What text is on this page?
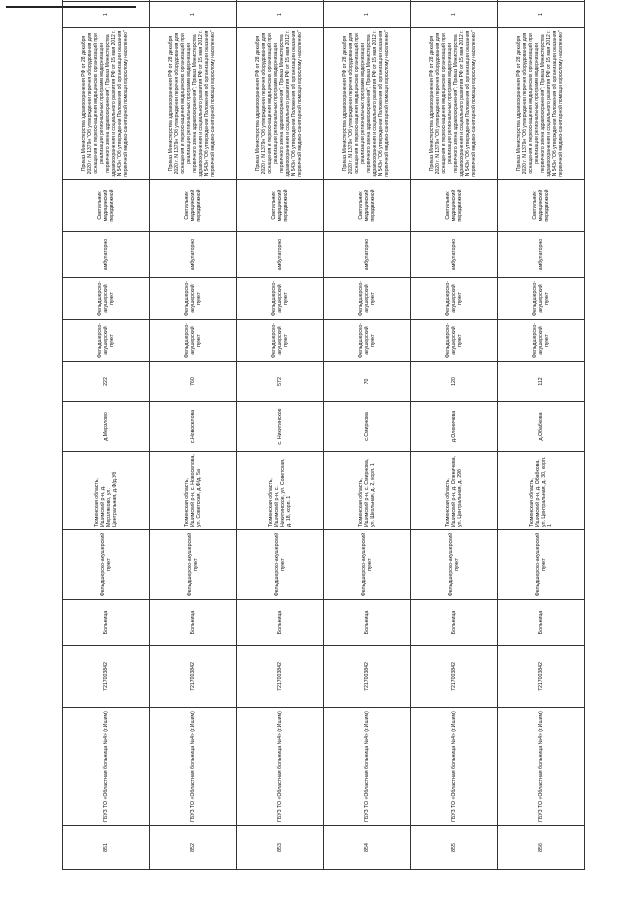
851	ГБУЗ ТО «Областная больница №4» (г.Ишим)	7217003842	Больница	Фельдшерско-акушерский пункт	Тюменская область, Ишимский р-н, д. Мерзляково, ул. Центральная, д.Ф/д.Уб	д.Мерзлово	222	Фельдшерско-акушерский пункт	Фельдшерско-акушерский пункт	амбулаторно	Светильник медицинский передвижной	Приказ Министерства здравоохранения РФ от 28 декабря 2020 г. N 1379н "Об утверждении перечня оборудования для оснащения и переоснащения медицинских организаций при реализации региональных программ модернизации первичного звена здравоохранения"; Приказ Министерства здравоохранения и социального развития РФ от 15 мая 2012 г. N 543н "Об утверждении Положения об организации оказания первичной медико-санитарной помощи взрослому населению"	1	
852	ГБУЗ ТО «Областная больница №4» (г.Ишим)	7217003842	Больница	Фельдшерско-акушерский пункт	Тюменская область, Ишимский р-н, с. Новоселова, ул. Советская, д.Ф/д. 5а	с.Новоселова	760	Фельдшерско-акушерский пункт	Фельдшерско-акушерский пункт	амбулаторно	Светильник медицинский передвижной	Приказ Министерства здравоохранения РФ от 28 декабря 2020 г. N 1379н "Об утверждении перечня оборудования для оснащения и переоснащения медицинских организаций при реализации региональных программ модернизации первичного звена здравоохранения"; Приказ Министерства здравоохранения и социального развития РФ от 15 мая 2012 г. N 543н "Об утверждении Положения об организации оказания первичной медико-санитарной помощи взрослому населению"	1	
853	ГБУЗ ТО «Областная больница №4» (г.Ишим)	7217003842	Больница	Фельдшерско-акушерский пункт	Тюменская область, Ишимский р-н, с. Никитинское, ул. Советская, д. 18, корп. 1	с. Никитинское	572	Фельдшерско-акушерский пункт	Фельдшерско-акушерский пункт	амбулаторно	Светильник медицинский передвижной	Приказ Министерства здравоохранения РФ от 28 декабря 2020 г. N 1379н "Об утверждении перечня оборудования для оснащения и переоснащения медицинских организаций при реализации региональных программ модернизации первичного звена здравоохранения"; Приказ Министерства здравоохранения и социального развития РФ от 15 мая 2012 г. N 543н "Об утверждении Положения об организации оказания первичной медико-санитарной помощи взрослому населению"	1	
854	ГБУЗ ТО «Областная больница №4» (г.Ишим)	7217003842	Больница	Фельдшерско-акушерский пункт	Тюменская область, Ишимский р-н, с. Смирнова, ул. Школьная, д. 2, корп. 1	с.Смирнова	70	Фельдшерско-акушерский пункт	Фельдшерско-акушерский пункт	амбулаторно	Светильник медицинский передвижной	Приказ Министерства здравоохранения РФ от 28 декабря 2020 г. N 1379н "Об утверждении перечня оборудования для оснащения и переоснащения медицинских организаций при реализации региональных программ модернизации первичного звена здравоохранения"; Приказ Министерства здравоохранения и социального развития РФ от 15 мая 2012 г. N 543н "Об утверждении Положения об организации оказания первичной медико-санитарной помощи взрослому населению"	1	
855	ГБУЗ ТО «Областная больница №4» (г.Ишим)	7217003842	Больница	Фельдшерско-акушерский пункт	Тюменская область, Ишимский р-н, д. Оленичева, ул. Центральная, д. 29б	д.Оленичева	120	Фельдшерско-акушерский пункт	Фельдшерско-акушерский пункт	амбулаторно	Светильник медицинский передвижной	Приказ Министерства здравоохранения РФ от 28 декабря 2020 г. N 1379н "Об утверждении перечня оборудования для оснащения и переоснащения медицинских организаций при реализации региональных программ модернизации первичного звена здравоохранения"; Приказ Министерства здравоохранения и социального развития РФ от 15 мая 2012 г. N 543н "Об утверждении Положения об организации оказания первичной медико-санитарной помощи взрослому населению"	1	
856	ГБУЗ ТО «Областная больница №4» (г.Ишим)	7217003842	Больница	Фельдшерско-акушерский пункт	Тюменская область, Ишимский р-н, д. Обабкова, ул. Центральная, д. 30, корп. 1	д.Обабкова	112	Фельдшерско-акушерский пункт	Фельдшерско-акушерский пункт	амбулаторно	Светильник медицинский передвижной	Приказ Министерства здравоохранения РФ от 28 декабря 2020 г. N 1379н "Об утверждении перечня оборудования для оснащения и переоснащения медицинских организаций при реализации региональных программ модернизации первичного звена здравоохранения"; Приказ Министерства здравоохранения и социального развития РФ от 15 мая 2012 г. N 543н "Об утверждении Положения об организации оказания первичной медико-санитарной помощи взрослому населению"	1	
